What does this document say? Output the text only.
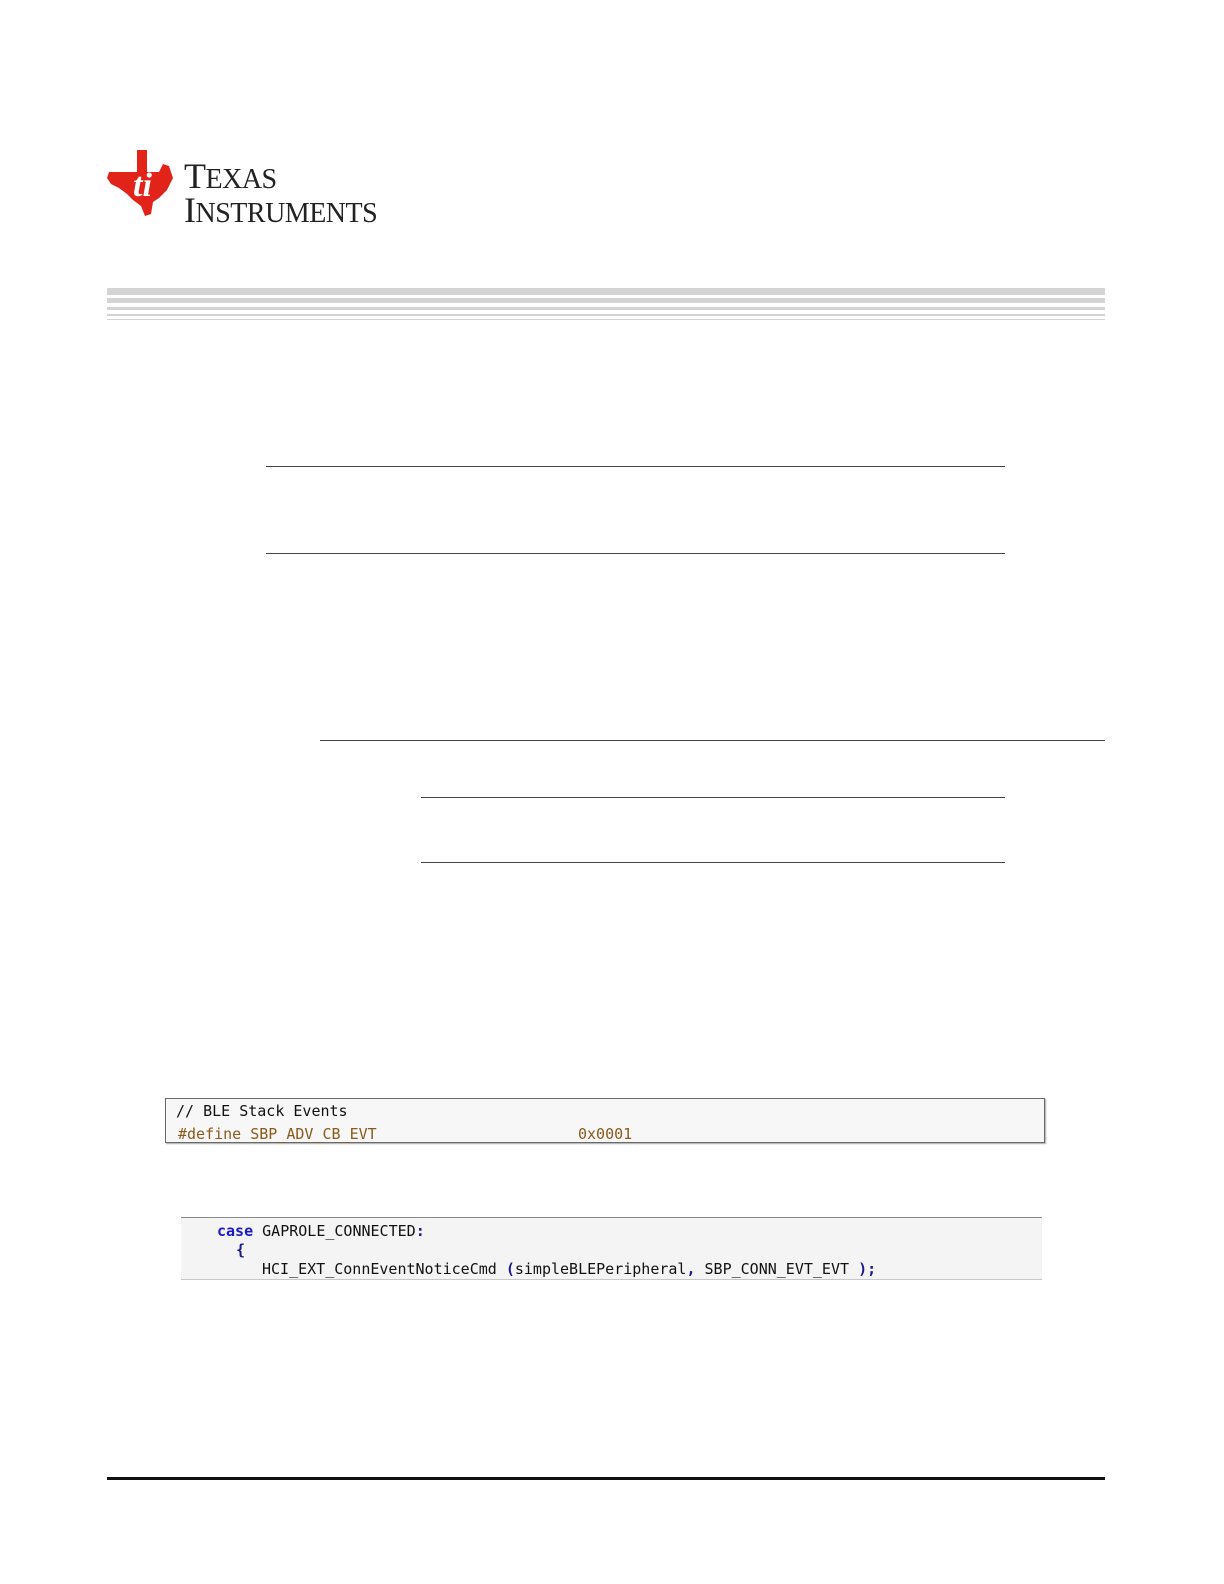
ti TEXAS
INSTRUMENTS
// BLE Stack Events
#define SBP_ADV_CB_EVT	0x0001
case GAPROLE_CONNECTED:
{
HCI_EXT_ConnEventNoticeCmd (simpleBLEPeripheral, SBP_CONN_EVT_EVT );
